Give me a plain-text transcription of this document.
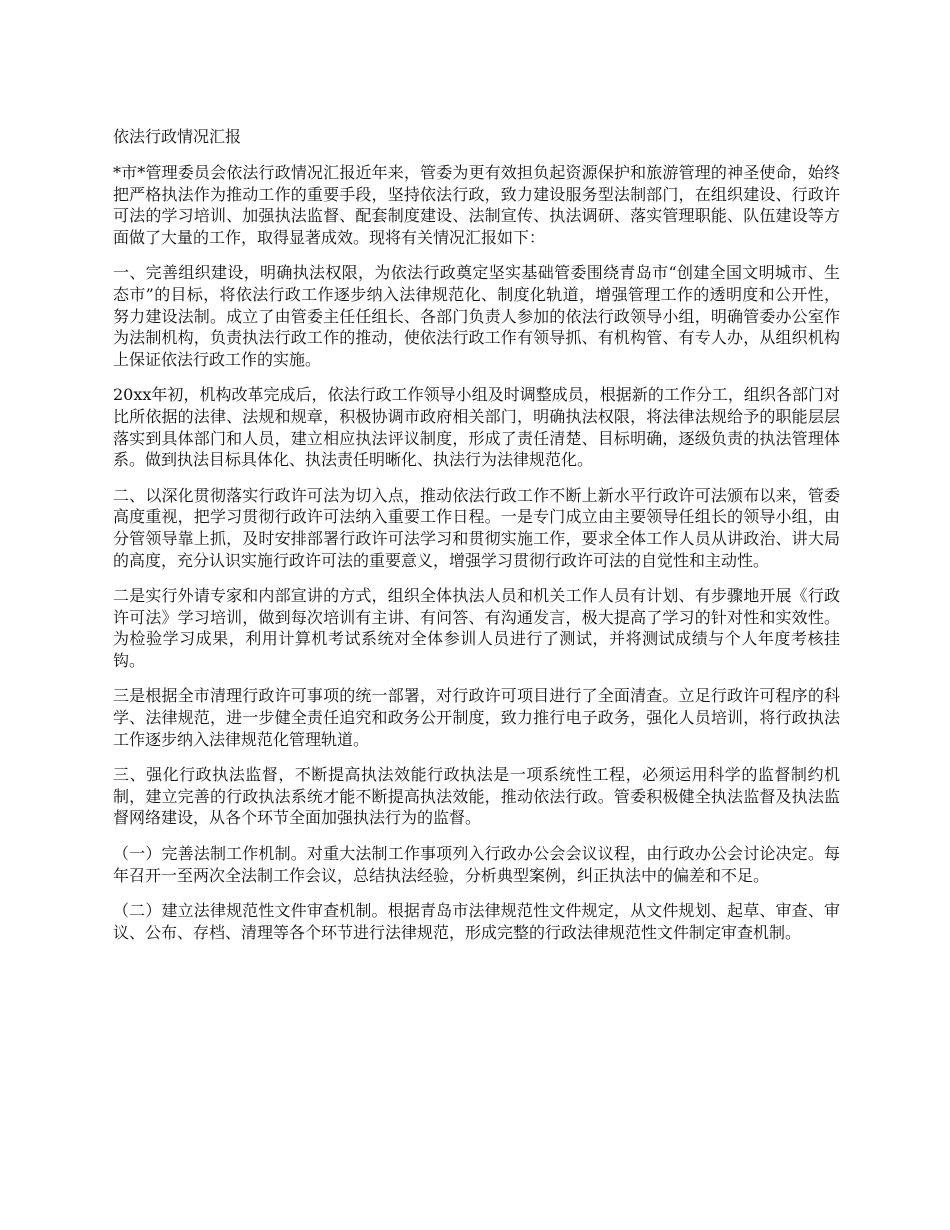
依法行政情况汇报

*市*管理委员会依法行政情况汇报近年来，管委为更有效担负起资源保护和旅游管理的神圣使命，始终把严格执法作为推动工作的重要手段，坚持依法行政，致力建设服务型法制部门，在组织建设、行政许可法的学习培训、加强执法监督、配套制度建设、法制宣传、执法调研、落实管理职能、队伍建设等方面做了大量的工作，取得显著成效。现将有关情况汇报如下：

一、完善组织建设，明确执法权限，为依法行政奠定坚实基础管委围绕青岛市“创建全国文明城市、生态市”的目标，将依法行政工作逐步纳入法律规范化、制度化轨道，增强管理工作的透明度和公开性，努力建设法制。成立了由管委主任任组长、各部门负责人参加的依法行政领导小组，明确管委办公室作为法制机构，负责执法行政工作的推动，使依法行政工作有领导抓、有机构管、有专人办，从组织机构上保证依法行政工作的实施。

20xx年初，机构改革完成后，依法行政工作领导小组及时调整成员，根据新的工作分工，组织各部门对比所依据的法律、法规和规章，积极协调市政府相关部门，明确执法权限，将法律法规给予的职能层层落实到具体部门和人员，建立相应执法评议制度，形成了责任清楚、目标明确，逐级负责的执法管理体系。做到执法目标具体化、执法责任明晰化、执法行为法律规范化。

二、以深化贯彻落实行政许可法为切入点，推动依法行政工作不断上新水平行政许可法颁布以来，管委高度重视，把学习贯彻行政许可法纳入重要工作日程。一是专门成立由主要领导任组长的领导小组，由分管领导靠上抓，及时安排部署行政许可法学习和贯彻实施工作，要求全体工作人员从讲政治、讲大局的高度，充分认识实施行政许可法的重要意义，增强学习贯彻行政许可法的自觉性和主动性。

二是实行外请专家和内部宣讲的方式，组织全体执法人员和机关工作人员有计划、有步骤地开展《行政许可法》学习培训，做到每次培训有主讲、有问答、有沟通发言，极大提高了学习的针对性和实效性。为检验学习成果，利用计算机考试系统对全体参训人员进行了测试，并将测试成绩与个人年度考核挂钩。

三是根据全市清理行政许可事项的统一部署，对行政许可项目进行了全面清查。立足行政许可程序的科学、法律规范，进一步健全责任追究和政务公开制度，致力推行电子政务，强化人员培训，将行政执法工作逐步纳入法律规范化管理轨道。

三、强化行政执法监督，不断提高执法效能行政执法是一项系统性工程，必须运用科学的监督制约机制，建立完善的行政执法系统才能不断提高执法效能，推动依法行政。管委积极健全执法监督及执法监督网络建设，从各个环节全面加强执法行为的监督。

（一）完善法制工作机制。对重大法制工作事项列入行政办公会会议议程，由行政办公会讨论决定。每年召开一至两次全法制工作会议，总结执法经验，分析典型案例，纠正执法中的偏差和不足。

（二）建立法律规范性文件审查机制。根据青岛市法律规范性文件规定，从文件规划、起草、审查、审议、公布、存档、清理等各个环节进行法律规范，形成完整的行政法律规范性文件制定审查机制。
